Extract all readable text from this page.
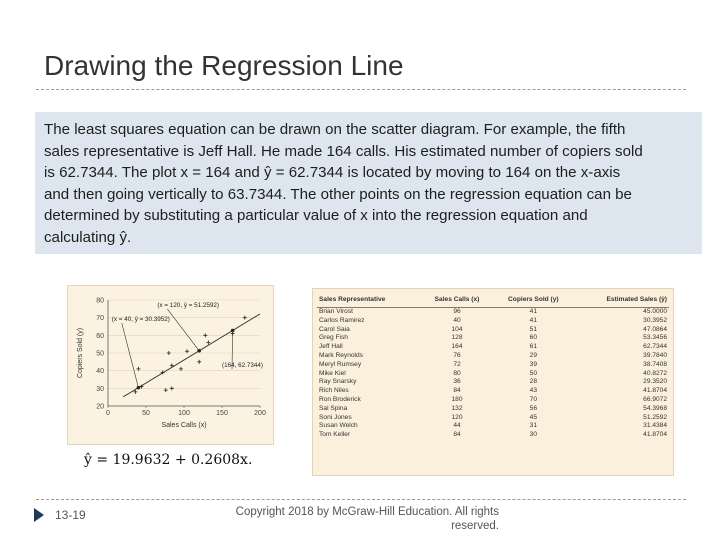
Drawing the Regression Line
The least squares equation can be drawn on the scatter diagram. For example, the fifth
sales representative is Jeff Hall. He made 164 calls. His estimated number of copiers sold
is 62.7344. The plot x = 164 and ŷ = 62.7344 is located by moving to 164 on the x-axis
and then going vertically to 63.7344. The other points on the regression equation can be
determined by substituting a particular value of x into the regression equation and
calculating ŷ.
20
30
40
50
60
70
80
0	50	100	150	200
Sales Calls (x)
Copiers Sold (y)
(x = 120, ŷ = 51.2592)
(x = 40, ŷ = 30.3952)
(164, 62.7344)
ŷ = 19.9632 + 0.2608x.
Sales Representative	Sales Calls (x)	Copiers Sold (y)	Estimated Sales (ŷ)
Brian Virost	96	41	45.0000
Carlos Ramirez	40	41	30.3952
Carol Saia	104	51	47.0864
Greg Fish	128	60	53.3456
Jeff Hall	164	61	62.7344
Mark Reynolds	76	29	39.7840
Meryl Rumsey	72	39	38.7408
Mike Kiel	80	50	40.8272
Ray Snarsky	36	28	29.3520
Rich Niles	84	43	41.8704
Ron Broderick	180	70	66.9072
Sal Spina	132	56	54.3968
Soni Jones	120	45	51.2592
Susan Welch	44	31	31.4384
Tom Keller	84	30	41.8704
13-19	Copyright 2018 by McGraw-Hill Education. All rights reserved.
